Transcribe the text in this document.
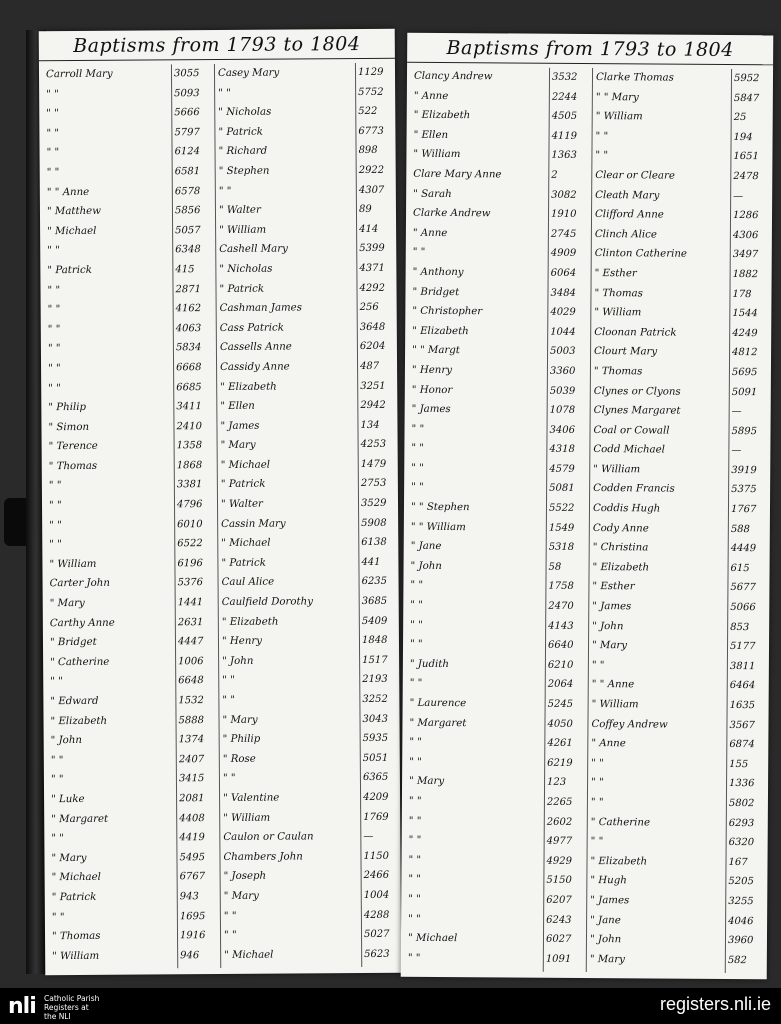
Baptisms from 1793 to 1804
Carroll Mary
" "
" "
" "
" "
" "
" " Anne
" Matthew
" Michael
" "
" Patrick
" "
" "
" "
" "
" "
" "
" Philip
" Simon
" Terence
" Thomas
" "
" "
" "
" "
" William
Carter John
" Mary
Carthy Anne
" Bridget
" Catherine
" "
" Edward
" Elizabeth
" John
" "
" "
" Luke
" Margaret
" "
" Mary
" Michael
" Patrick
" "
" Thomas
" William
3055
5093
5666
5797
6124
6581
6578
5856
5057
6348
415
2871
4162
4063
5834
6668
6685
3411
2410
1358
1868
3381
4796
6010
6522
6196
5376
1441
2631
4447
1006
6648
1532
5888
1374
2407
3415
2081
4408
4419
5495
6767
943
1695
1916
946
Casey Mary
" "
" Nicholas
" Patrick
" Richard
" Stephen
" "
" Walter
" William
Cashell Mary
" Nicholas
" Patrick
Cashman James
Cass Patrick
Cassells Anne
Cassidy Anne
" Elizabeth
" Ellen
" James
" Mary
" Michael
" Patrick
" Walter
Cassin Mary
" Michael
" Patrick
Caul Alice
Caulfield Dorothy
" Elizabeth
" Henry
" John
" "
" "
" Mary
" Philip
" Rose
" "
" Valentine
" William
Caulon or Caulan
Chambers John
" Joseph
" Mary
" "
" "
" Michael
1129
5752
522
6773
898
2922
4307
89
414
5399
4371
4292
256
3648
6204
487
3251
2942
134
4253
1479
2753
3529
5908
6138
441
6235
3685
5409
1848
1517
2193
3252
3043
5935
5051
6365
4209
1769
—
1150
2466
1004
4288
5027
5623
Baptisms from 1793 to 1804
Clancy Andrew
" Anne
" Elizabeth
" Ellen
" William
Clare Mary Anne
" Sarah
Clarke Andrew
" Anne
" "
" Anthony
" Bridget
" Christopher
" Elizabeth
" " Margt
" Henry
" Honor
" James
" "
" "
" "
" "
" " Stephen
" " William
" Jane
" John
" "
" "
" "
" "
" Judith
" "
" Laurence
" Margaret
" "
" "
" Mary
" "
" "
" "
" "
" "
" "
" "
" Michael
" "
3532
2244
4505
4119
1363
2
3082
1910
2745
4909
6064
3484
4029
1044
5003
3360
5039
1078
3406
4318
4579
5081
5522
1549
5318
58
1758
2470
4143
6640
6210
2064
5245
4050
4261
6219
123
2265
2602
4977
4929
5150
6207
6243
6027
1091
Clarke Thomas
" " Mary
" William
" "
" "
Clear or Cleare
Cleath Mary
Clifford Anne
Clinch Alice
Clinton Catherine
" Esther
" Thomas
" William
Cloonan Patrick
Clourt Mary
" Thomas
Clynes or Clyons
Clynes Margaret
Coal or Cowall
Codd Michael
" William
Codden Francis
Coddis Hugh
Cody Anne
" Christina
" Elizabeth
" Esther
" James
" John
" Mary
" "
" " Anne
" William
Coffey Andrew
" Anne
" "
" "
" "
" Catherine
" "
" Elizabeth
" Hugh
" James
" Jane
" John
" Mary
5952
5847
25
194
1651
2478
—
1286
4306
3497
1882
178
1544
4249
4812
5695
5091
—
5895
—
3919
5375
1767
588
4449
615
5677
5066
853
5177
3811
6464
1635
3567
6874
155
1336
5802
6293
6320
167
5205
3255
4046
3960
582
nli Catholic Parish
Registers at
the NLI
registers.nli.ie
